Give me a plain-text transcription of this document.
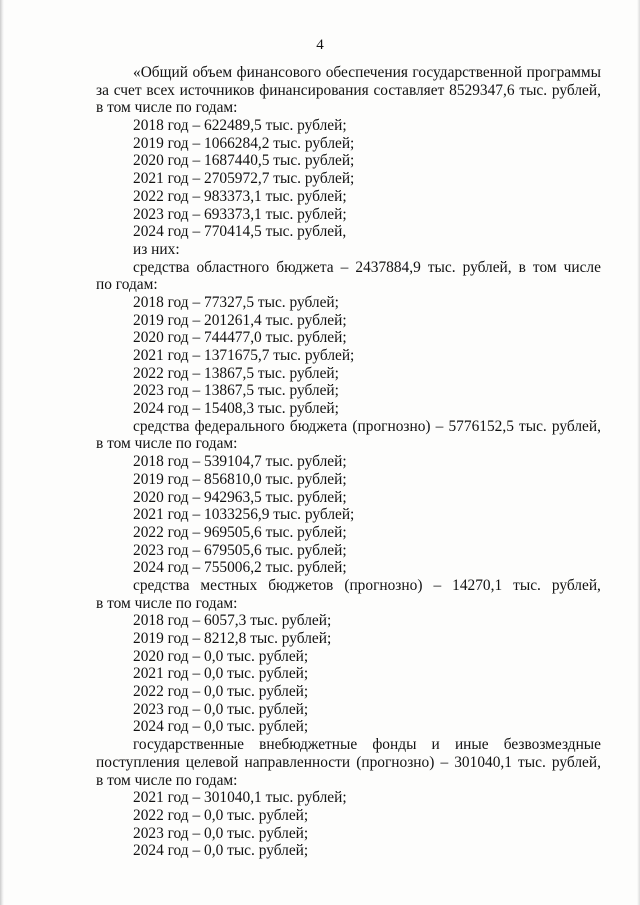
4
«Общий объем финансового обеспечения государственной программы
за счет всех источников финансирования составляет 8529347,6 тыс. рублей,
в том числе по годам:
2018 год – 622489,5 тыс. рублей;
2019 год – 1066284,2 тыс. рублей;
2020 год – 1687440,5 тыс. рублей;
2021 год – 2705972,7 тыс. рублей;
2022 год – 983373,1 тыс. рублей;
2023 год – 693373,1 тыс. рублей;
2024 год – 770414,5 тыс. рублей,
из них:
средства областного бюджета – 2437884,9 тыс. рублей, в том числе
по годам:
2018 год – 77327,5 тыс. рублей;
2019 год – 201261,4 тыс. рублей;
2020 год – 744477,0 тыс. рублей;
2021 год – 1371675,7 тыс. рублей;
2022 год – 13867,5 тыс. рублей;
2023 год – 13867,5 тыс. рублей;
2024 год – 15408,3 тыс. рублей;
средства федерального бюджета (прогнозно) – 5776152,5 тыс. рублей,
в том числе по годам:
2018 год – 539104,7 тыс. рублей;
2019 год – 856810,0 тыс. рублей;
2020 год – 942963,5 тыс. рублей;
2021 год – 1033256,9 тыс. рублей;
2022 год – 969505,6 тыс. рублей;
2023 год – 679505,6 тыс. рублей;
2024 год – 755006,2 тыс. рублей;
средства местных бюджетов (прогнозно) – 14270,1 тыс. рублей,
в том числе по годам:
2018 год – 6057,3 тыс. рублей;
2019 год – 8212,8 тыс. рублей;
2020 год – 0,0 тыс. рублей;
2021 год – 0,0 тыс. рублей;
2022 год – 0,0 тыс. рублей;
2023 год – 0,0 тыс. рублей;
2024 год – 0,0 тыс. рублей;
государственные внебюджетные фонды и иные безвозмездные
поступления целевой направленности (прогнозно) – 301040,1 тыс. рублей,
в том числе по годам:
2021 год – 301040,1 тыс. рублей;
2022 год – 0,0 тыс. рублей;
2023 год – 0,0 тыс. рублей;
2024 год – 0,0 тыс. рублей;
